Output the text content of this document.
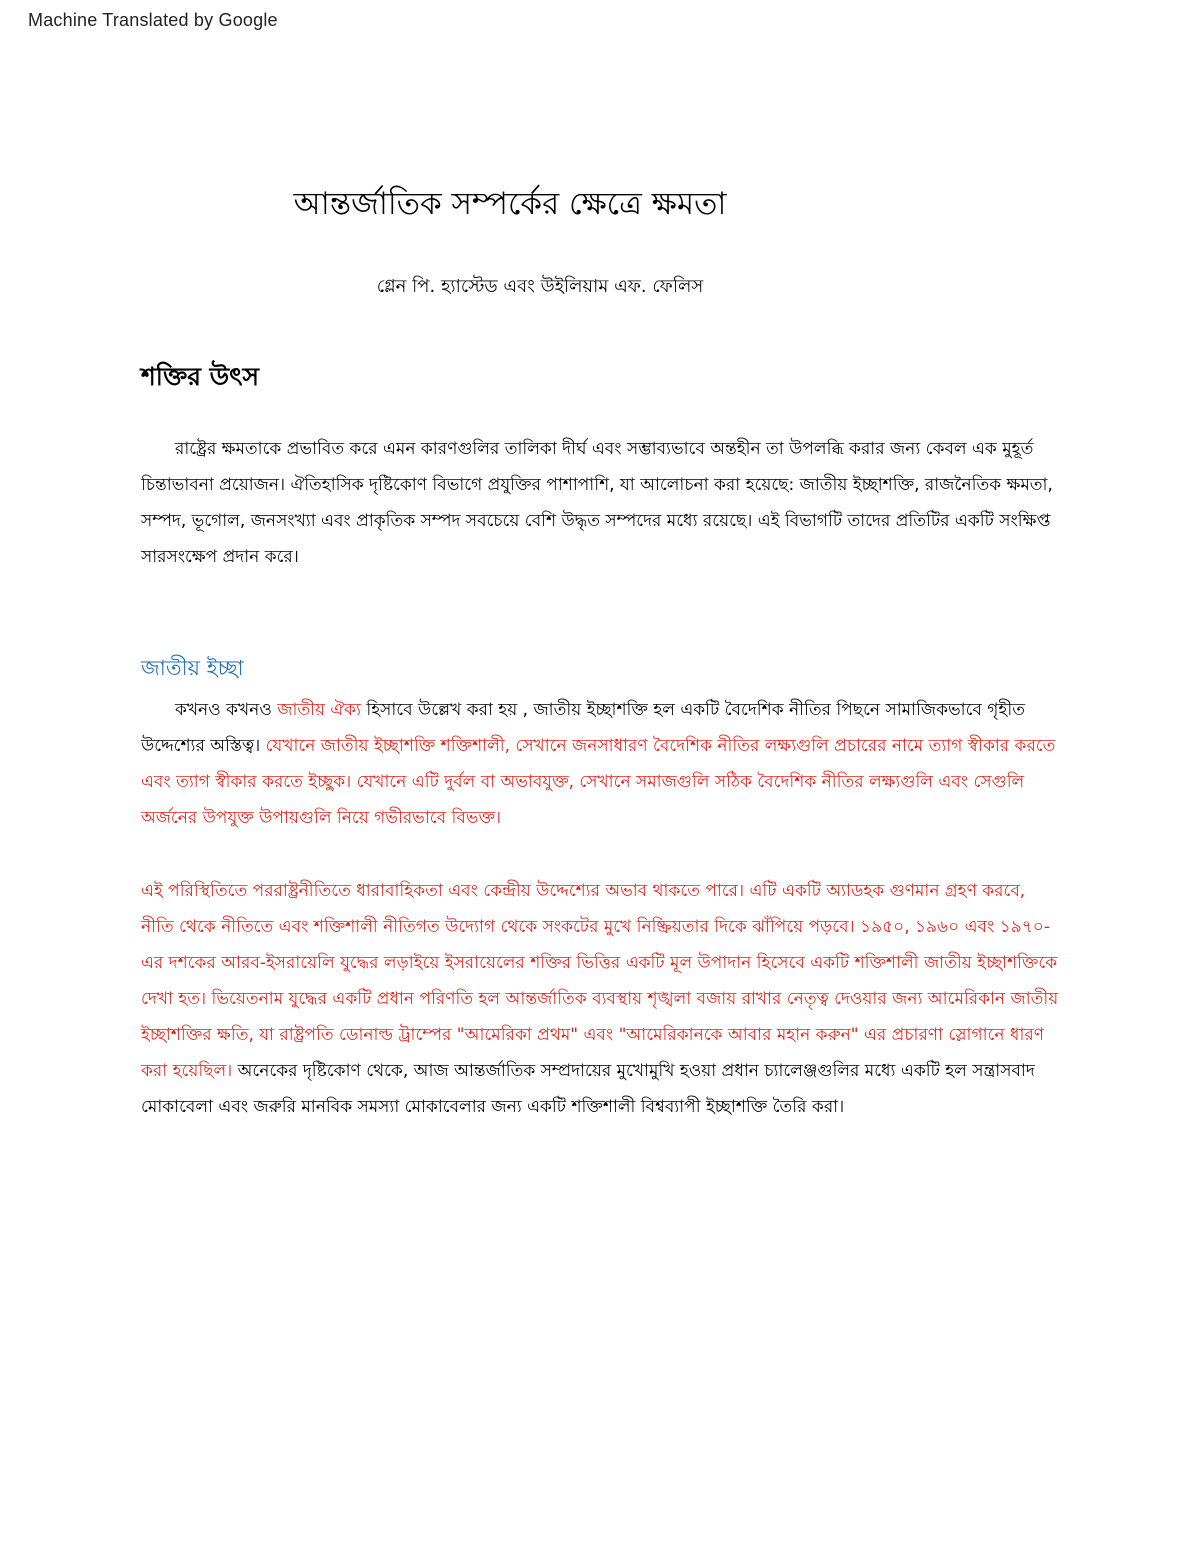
Machine Translated by Google
আন্তর্জাতিক সম্পর্কের ক্ষেত্রে ক্ষমতা

গ্লেন পি. হ্যাস্টেড এবং উইলিয়াম এফ. ফেলিস

শক্তির উৎস

রাষ্ট্রের ক্ষমতাকে প্রভাবিত করে এমন কারণগুলির তালিকা দীর্ঘ এবং সম্ভাব্যভাবে অন্তহীন তা উপলব্ধি করার জন্য কেবল এক মুহূর্ত চিন্তাভাবনা প্রয়োজন। ঐতিহাসিক দৃষ্টিকোণ বিভাগে প্রযুক্তির পাশাপাশি, যা আলোচনা করা হয়েছে: জাতীয় ইচ্ছাশক্তি, রাজনৈতিক ক্ষমতা, সম্পদ, ভূগোল, জনসংখ্যা এবং প্রাকৃতিক সম্পদ সবচেয়ে বেশি উদ্ধৃত সম্পদের মধ্যে রয়েছে। এই বিভাগটি তাদের প্রতিটির একটি সংক্ষিপ্ত সারসংক্ষেপ প্রদান করে।

জাতীয় ইচ্ছা

কখনও কখনও জাতীয় ঐক্য হিসাবে উল্লেখ করা হয় , জাতীয় ইচ্ছাশক্তি হল একটি বৈদেশিক নীতির পিছনে সামাজিকভাবে গৃহীত উদ্দেশ্যের অস্তিত্ব। যেখানে জাতীয় ইচ্ছাশক্তি শক্তিশালী, সেখানে জনসাধারণ বৈদেশিক নীতির লক্ষ্যগুলি প্রচারের নামে ত্যাগ স্বীকার করতে এবং ত্যাগ স্বীকার করতে ইচ্ছুক। যেখানে এটি দুর্বল বা অভাবযুক্ত, সেখানে সমাজগুলি সঠিক বৈদেশিক নীতির লক্ষ্যগুলি এবং সেগুলি অর্জনের উপযুক্ত উপায়গুলি নিয়ে গভীরভাবে বিভক্ত।

এই পরিস্থিতিতে পররাষ্ট্রনীতিতে ধারাবাহিকতা এবং কেন্দ্রীয় উদ্দেশ্যের অভাব থাকতে পারে। এটি একটি অ্যাডহক গুণমান গ্রহণ করবে, নীতি থেকে নীতিতে এবং শক্তিশালী নীতিগত উদ্যোগ থেকে সংকটের মুখে নিষ্ক্রিয়তার দিকে ঝাঁপিয়ে পড়বে। ১৯৫০, ১৯৬০ এবং ১৯৭০-এর দশকের আরব-ইসরায়েলি যুদ্ধের লড়াইয়ে ইসরায়েলের শক্তির ভিত্তির একটি মূল উপাদান হিসেবে একটি শক্তিশালী জাতীয় ইচ্ছাশক্তিকে দেখা হত। ভিয়েতনাম যুদ্ধের একটি প্রধান পরিণতি হল আন্তর্জাতিক ব্যবস্থায় শৃঙ্খলা বজায় রাখার নেতৃত্ব দেওয়ার জন্য আমেরিকান জাতীয় ইচ্ছাশক্তির ক্ষতি, যা রাষ্ট্রপতি ডোনাল্ড ট্রাম্পের "আমেরিকা প্রথম" এবং "আমেরিকানকে আবার মহান করুন" এর প্রচারণা স্লোগানে ধারণ করা হয়েছিল। অনেকের দৃষ্টিকোণ থেকে, আজ আন্তর্জাতিক সম্প্রদায়ের মুখোমুখি হওয়া প্রধান চ্যালেঞ্জগুলির মধ্যে একটি হল সন্ত্রাসবাদ মোকাবেলা এবং জরুরি মানবিক সমস্যা মোকাবেলার জন্য একটি শক্তিশালী বিশ্বব্যাপী ইচ্ছাশক্তি তৈরি করা।
